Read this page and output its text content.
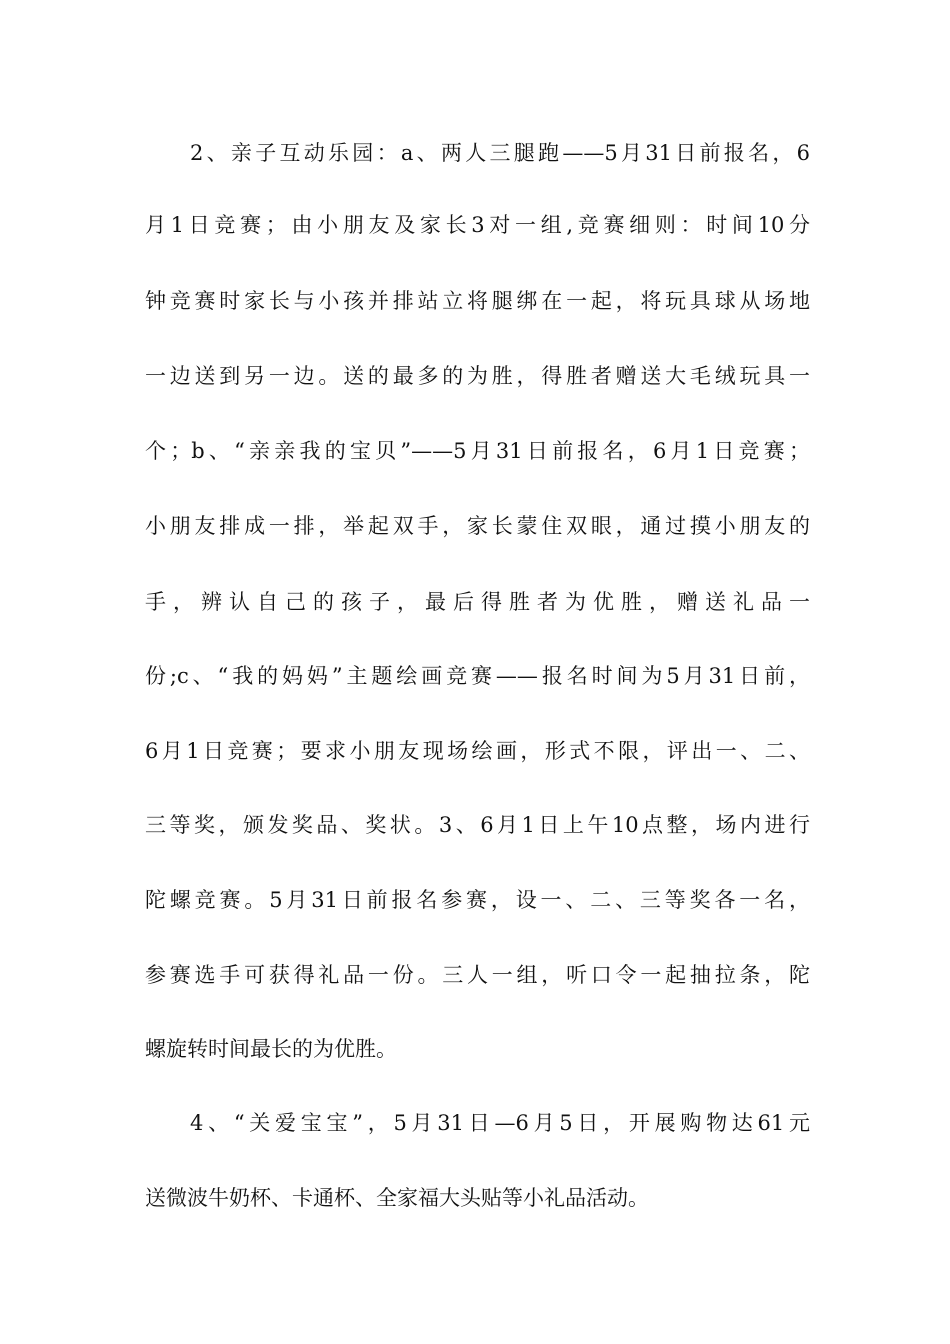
2、亲子互动乐园：a、两人三腿跑——5月31日前报名，6
月1日竞赛；由小朋友及家长3对一组,竞赛细则：时间10分
钟竞赛时家长与小孩并排站立将腿绑在一起，将玩具球从场地
一边送到另一边。送的最多的为胜，得胜者赠送大毛绒玩具一
个；b、“亲亲我的宝贝”——5月31日前报名，6月1日竞赛；
小朋友排成一排，举起双手，家长蒙住双眼，通过摸小朋友的
手，辨认自己的孩子，最后得胜者为优胜，赠送礼品一
份;c、“我的妈妈”主题绘画竞赛——报名时间为5月31日前，
6月1日竞赛；要求小朋友现场绘画，形式不限，评出一、二、
三等奖，颁发奖品、奖状。3、6月1日上午10点整，场内进行
陀螺竞赛。5月31日前报名参赛，设一、二、三等奖各一名，
参赛选手可获得礼品一份。三人一组，听口令一起抽拉条，陀
螺旋转时间最长的为优胜。
4、“关爱宝宝”，5月31日—6月5日，开展购物达61元
送微波牛奶杯、卡通杯、全家福大头贴等小礼品活动。
